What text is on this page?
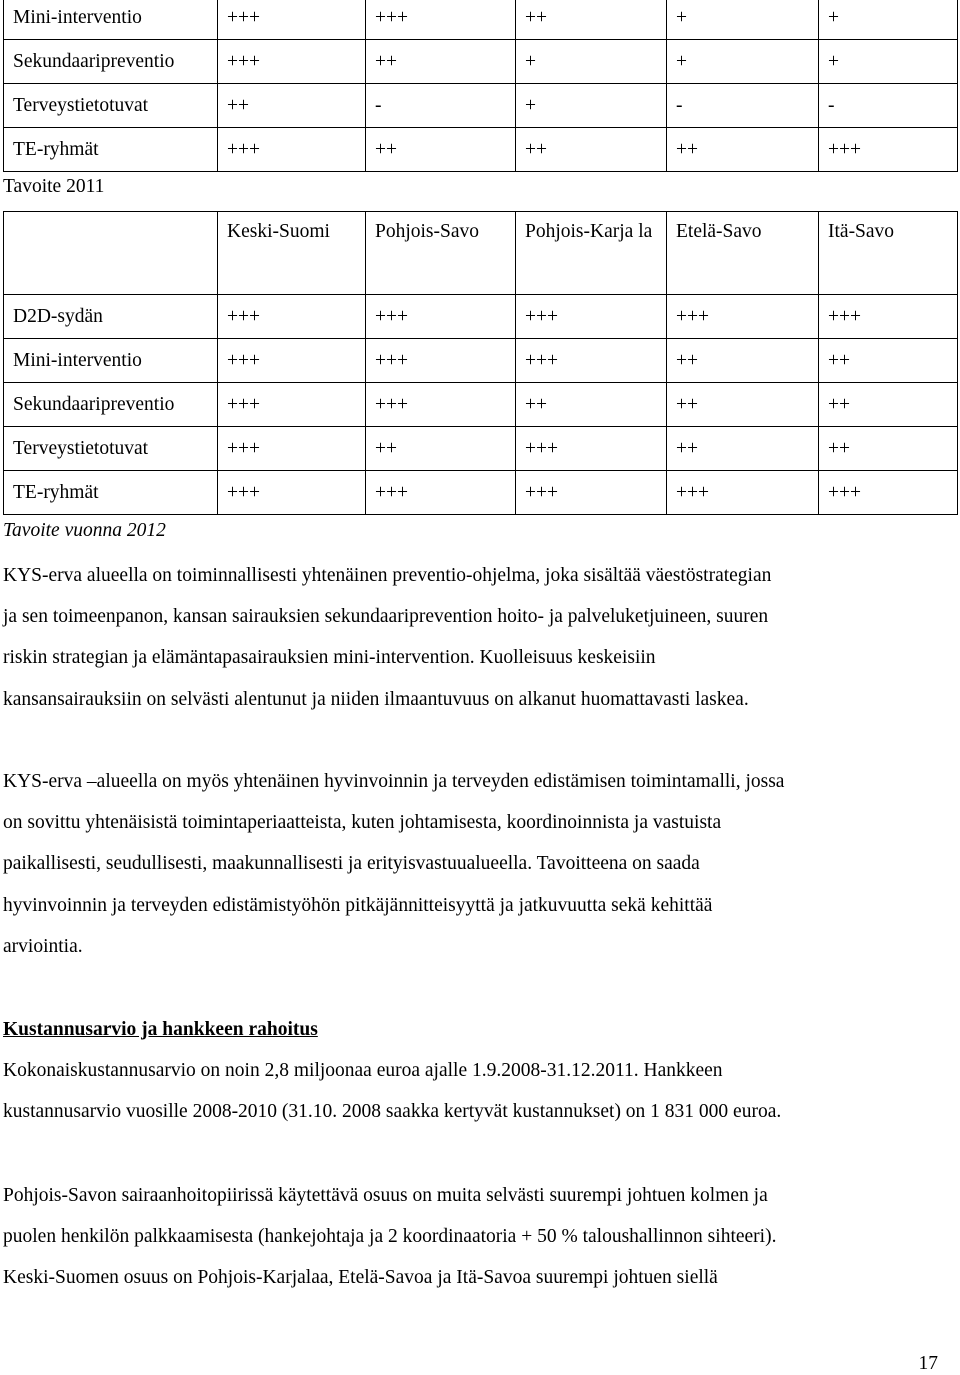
Mini-interventio	+++	+++	++	+	+
Sekundaaripreventio	+++	++	+	+	+
Terveystietotuvat	++	-	+	-	-
TE-ryhmät	+++	++	++	++	+++
Tavoite 2011
	Keski-Suomi	Pohjois-Savo	Pohjois-Karja la	Etelä-Savo	Itä-Savo
D2D-sydän	+++	+++	+++	+++	+++
Mini-interventio	+++	+++	+++	++	++
Sekundaaripreventio	+++	+++	++	++	++
Terveystietotuvat	+++	++	+++	++	++
TE-ryhmät	+++	+++	+++	+++	+++
Tavoite vuonna 2012
KYS-erva alueella on toiminnallisesti yhtenäinen preventio-ohjelma, joka sisältää väestöstrategian
ja sen toimeenpanon, kansan sairauksien sekundaariprevention hoito- ja palveluketjuineen, suuren
riskin strategian ja elämäntapasairauksien mini-intervention. Kuolleisuus keskeisiin
kansansairauksiin on selvästi alentunut ja niiden ilmaantuvuus on alkanut huomattavasti laskea.
KYS-erva –alueella on myös yhtenäinen hyvinvoinnin ja terveyden edistämisen toimintamalli, jossa
on sovittu yhtenäisistä toimintaperiaatteista, kuten johtamisesta, koordinoinnista ja vastuista
paikallisesti, seudullisesti, maakunnallisesti ja erityisvastuualueella. Tavoitteena on saada
hyvinvoinnin ja terveyden edistämistyöhön pitkäjännitteisyyttä ja jatkuvuutta sekä kehittää
arviointia.
Kustannusarvio ja hankkeen rahoitus
Kokonaiskustannusarvio on noin 2,8 miljoonaa euroa ajalle 1.9.2008-31.12.2011. Hankkeen
kustannusarvio vuosille 2008-2010 (31.10. 2008 saakka kertyvät kustannukset) on 1 831 000 euroa.
Pohjois-Savon sairaanhoitopiirissä käytettävä osuus on muita selvästi suurempi johtuen kolmen ja
puolen henkilön palkkaamisesta (hankejohtaja ja 2 koordinaatoria + 50 % taloushallinnon sihteeri).
Keski-Suomen osuus on Pohjois-Karjalaa, Etelä-Savoa ja Itä-Savoa suurempi johtuen siellä
17
